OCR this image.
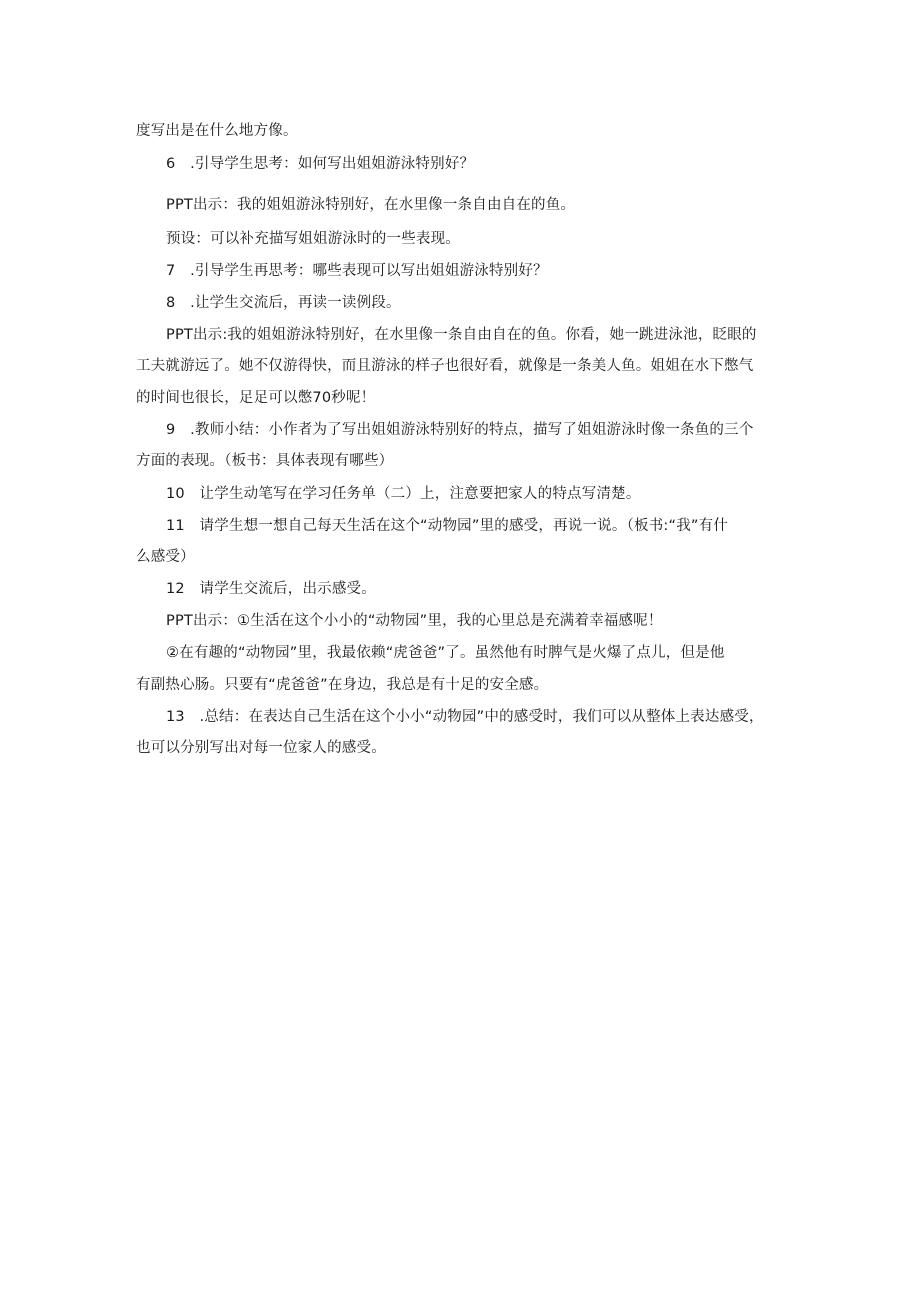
度写出是在什么地方像。
6　.引导学生思考：如何写出姐姐游泳特别好？
PPT出示：我的姐姐游泳特别好，在水里像一条自由自在的鱼。
预设：可以补充描写姐姐游泳时的一些表现。
7　.引导学生再思考：哪些表现可以写出姐姐游泳特别好？
8　.让学生交流后，再读一读例段。
PPT出示:我的姐姐游泳特别好，在水里像一条自由自在的鱼。你看，她一跳进泳池，眨眼的
工夫就游远了。她不仅游得快，而且游泳的样子也很好看，就像是一条美人鱼。姐姐在水下憋气
的时间也很长，足足可以憋70秒呢！
9　.教师小结：小作者为了写出姐姐游泳特别好的特点，描写了姐姐游泳时像一条鱼的三个
方面的表现。（板书：具体表现有哪些）
10　让学生动笔写在学习任务单（二）上，注意要把家人的特点写清楚。
11　请学生想一想自己每天生活在这个“动物园”里的感受，再说一说。（板书:“我”有什
么感受）
12　请学生交流后，出示感受。
PPT出示：①生活在这个小小的“动物园”里，我的心里总是充满着幸福感呢！
②在有趣的“动物园”里，我最依赖“虎爸爸”了。虽然他有时脾气是火爆了点儿，但是他
有副热心肠。只要有“虎爸爸”在身边，我总是有十足的安全感。
13　.总结：在表达自己生活在这个小小“动物园”中的感受时，我们可以从整体上表达感受，
也可以分别写出对每一位家人的感受。
